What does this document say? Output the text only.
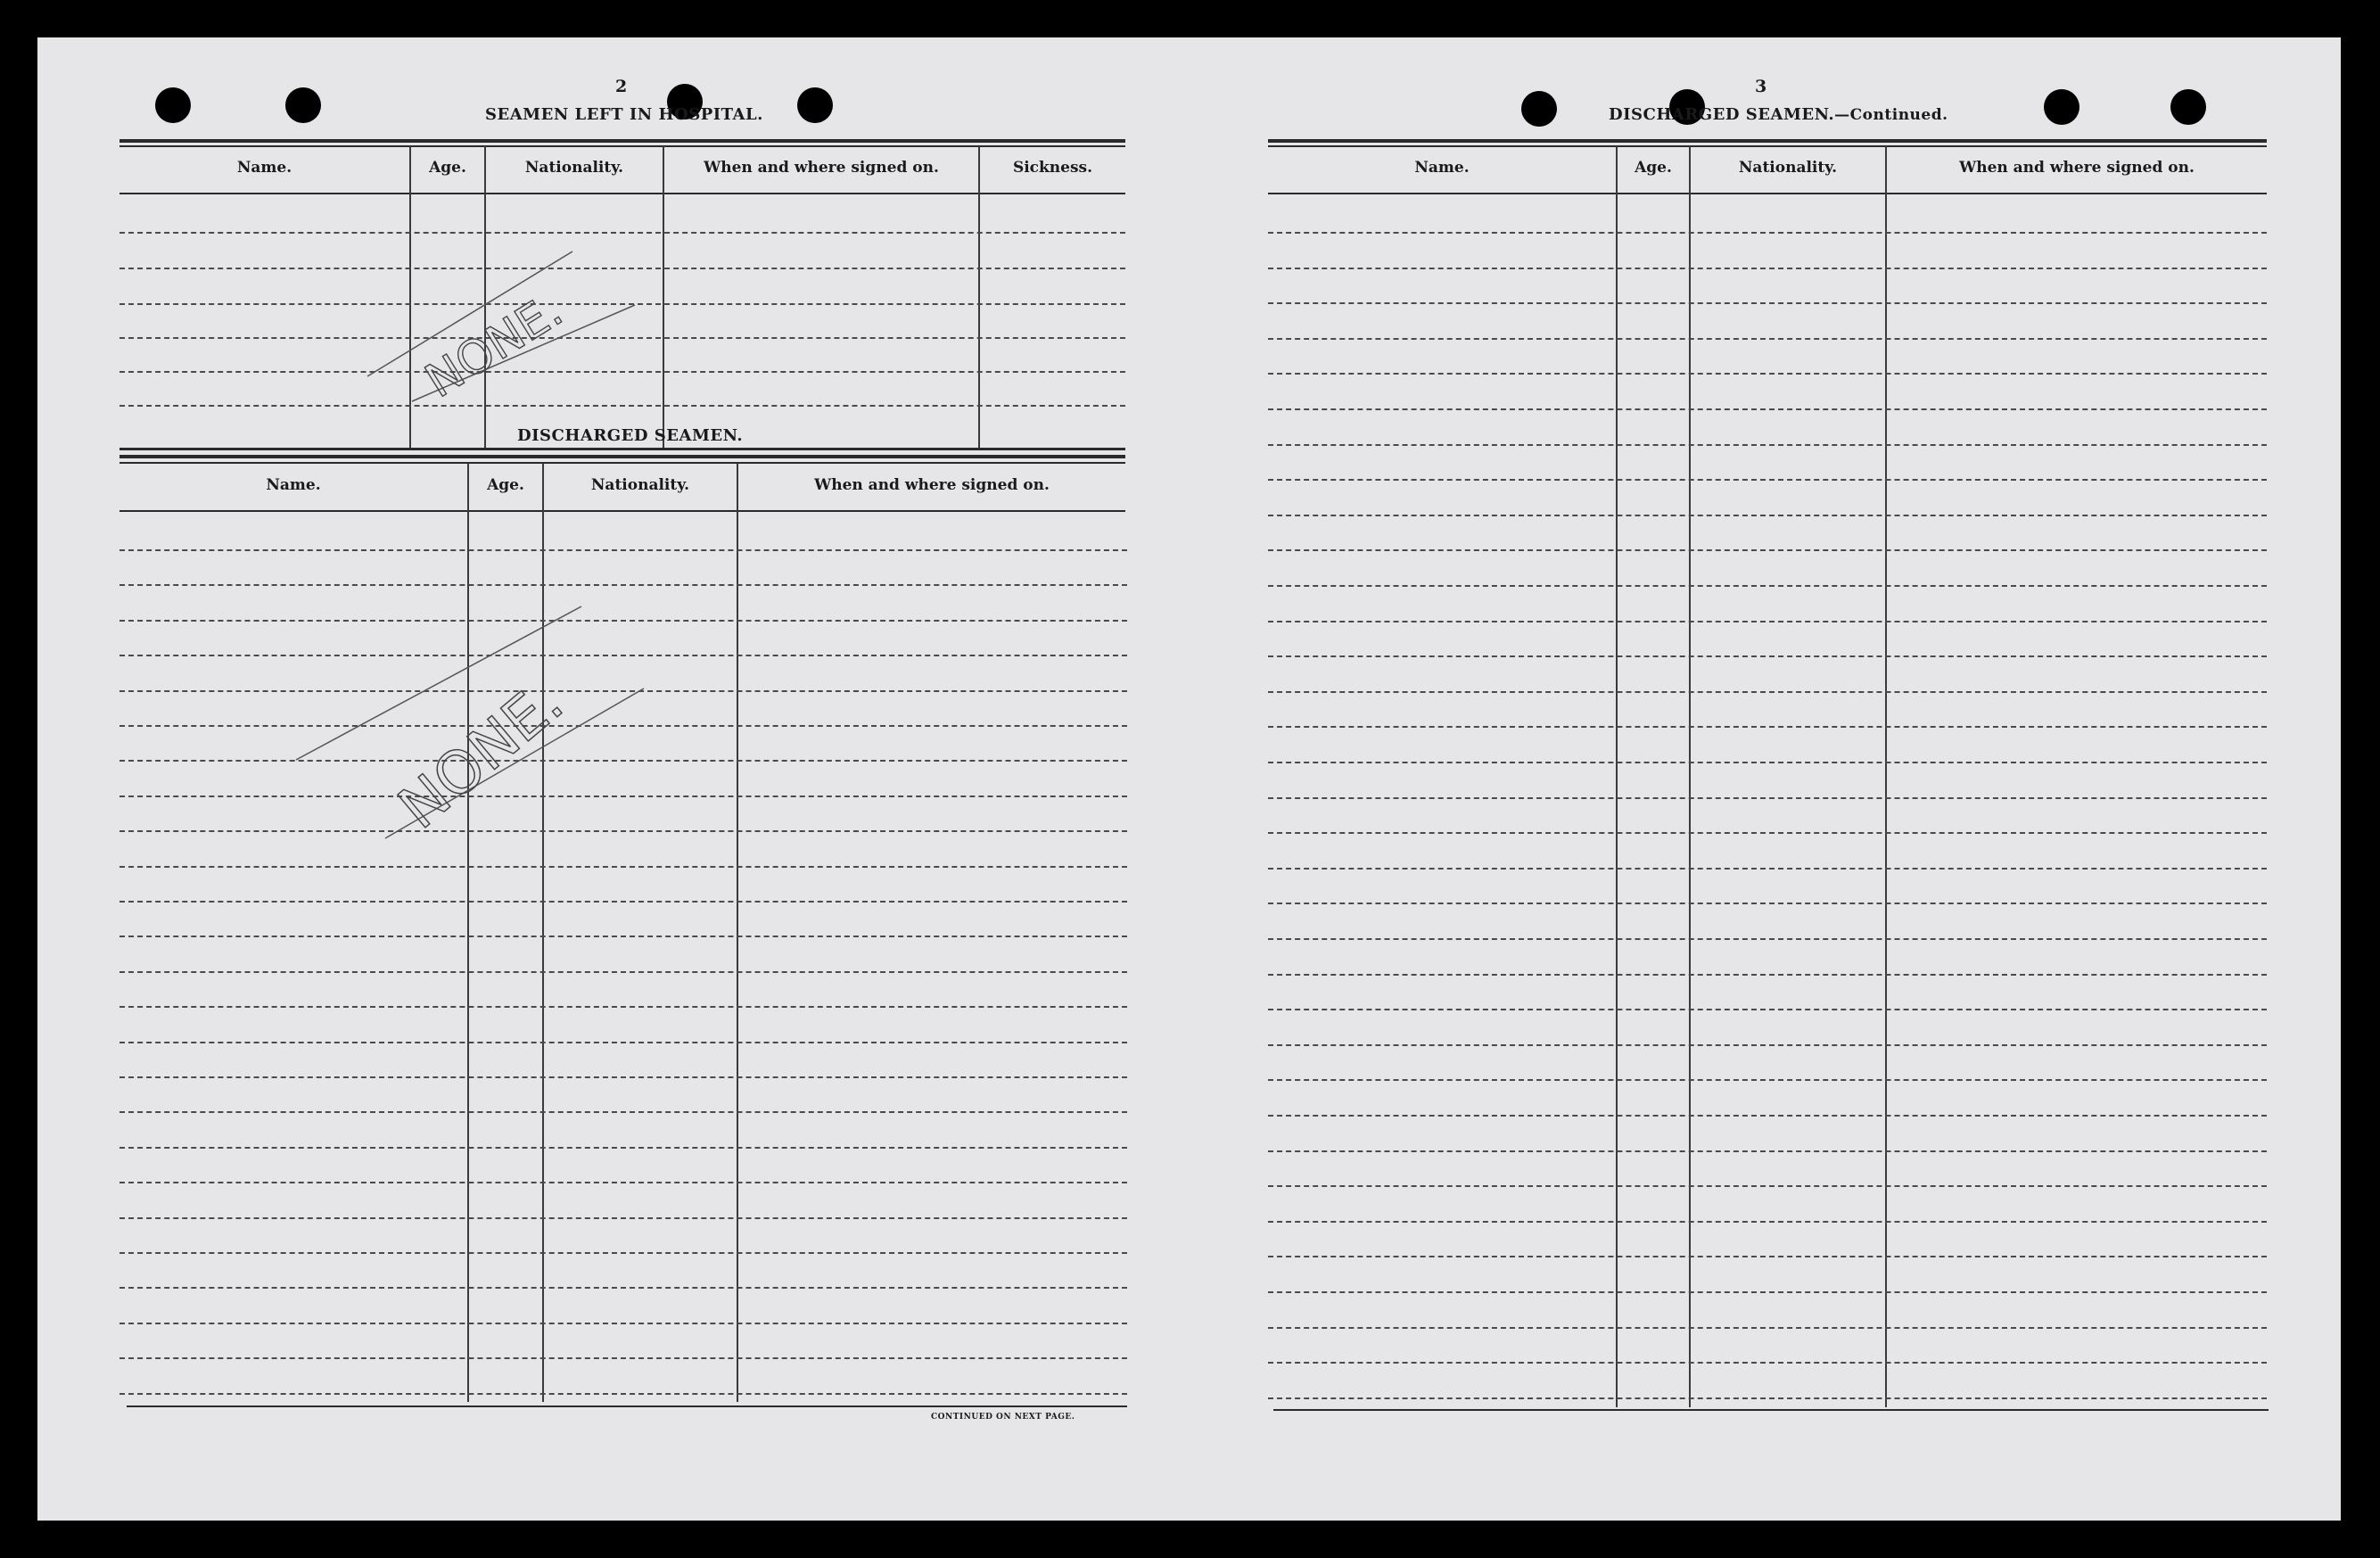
2
SEAMEN LEFT IN HOSPITAL.
Name.	Age.	Nationality.	When and where signed on.	Sickness.
NONE.
DISCHARGED SEAMEN.
Name.	Age.	Nationality.	When and where signed on.
NONE.
CONTINUED ON NEXT PAGE.
3
DISCHARGED SEAMEN.—Continued.
Name.	Age.	Nationality.	When and where signed on.
